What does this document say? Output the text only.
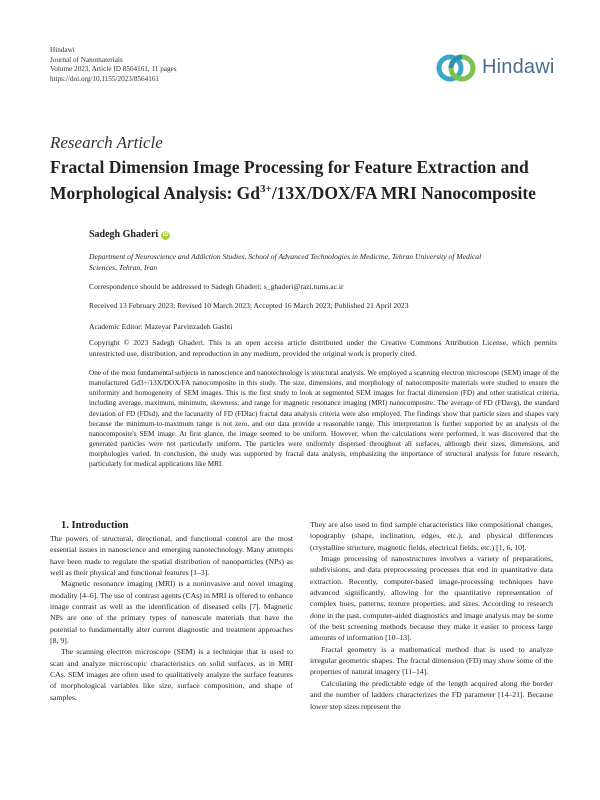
Hindawi
Journal of Nanomaterials
Volume 2023, Article ID 8564161, 11 pages
https://doi.org/10.1155/2023/8564161
Hindawi
Research Article
Fractal Dimension Image Processing for Feature Extraction and Morphological Analysis: $Gd^{3+}/13X/DOX/FA$ MRI Nanocomposite
Sadegh Ghaderi iD
Department of Neuroscience and Addiction Studies, School of Advanced Technologies in Medicine, Tehran University of Medical Sciences, Tehran, Iran
Correspondence should be addressed to Sadegh Ghaderi; s_ghaderi@razi.tums.ac.ir
Received 13 February 2023; Revised 10 March 2023; Accepted 16 March 2023; Published 21 April 2023
Academic Editor: Mazeyar Parvinzadeh Gashti
Copyright © 2023 Sadegh Ghaderi. This is an open access article distributed under the Creative Commons Attribution License, which permits unrestricted use, distribution, and reproduction in any medium, provided the original work is properly cited.
One of the most fundamental subjects in nanoscience and nanotechnology is structural analysis. We employed a scanning electron microscope (SEM) image of the manufactured Gd3+/13X/DOX/FA nanocomposite in this study. The size, dimensions, and morphology of nanocomposite materials were studied to ensure the uniformity and homogeneity of SEM images. This is the first study to look at segmented SEM images for fractal dimension (FD) and other statistical criteria, including average, maximum, minimum, skewness, and range for magnetic resonance imaging (MRI) nanocomposite. The average of FD (FDavg), the standard deviation of FD (FDsd), and the lacunarity of FD (FDlac) fractal data analysis criteria were also employed. The findings show that particle sizes and shapes vary because the minimum-to-maximum range is not zero, and our data provide a reasonable range. This interpretation is further supported by an analysis of the nanocomposite's SEM image. At first glance, the image seemed to be uniform. However, when the calculations were performed, it was discovered that the generated particles were not particularly uniform. The particles were uniformly dispersed throughout all surfaces, although their sizes, dimensions, and morphologies varied. In conclusion, the study was supported by fractal data analysis, emphasizing the importance of structural analysis for future research, particularly for medical applications like MRI.

1. Introduction

The powers of structural, directional, and functional control are the most essential issues in nanoscience and emerging nanotechnology. Many attempts have been made to regulate the spatial distribution of nanoparticles (NPs) as well as their physical and functional features [1–3].

Magnetic resonance imaging (MRI) is a noninvasive and novel imaging modality [4–6]. The use of contrast agents (CAs) in MRI is offered to enhance image contrast as well as the identification of diseased cells [7]. Magnetic NPs are one of the primary types of nanoscale materials that have the potential to fundamentally alter current diagnostic and treatment approaches [8, 9].

The scanning electron microscope (SEM) is a technique that is used to scan and analyze microscopic characteristics on solid surfaces, as in MRI CAs. SEM images are often used to qualitatively analyze the surface features of morphological variables like size, surface composition, and shape of samples.

They are also used to find sample characteristics like compositional changes, topography (shape, inclination, edges, etc.), and physical differences (crystalline structure, magnetic fields, electrical fields, etc.) [1, 6, 10].

Image processing of nanostructures involves a variety of preparations, subdivisions, and data preprocessing processes that end in quantitative data extraction. Recently, computer-based image-processing techniques have advanced significantly, allowing for the quantitative representation of complex hues, patterns, texture properties, and sizes. According to research done in the past, computer-aided diagnostics and image analysis may be some of the best screening methods because they make it easier to process large amounts of information [10–13].

Fractal geometry is a mathematical method that is used to analyze irregular geometric shapes. The fractal dimension (FD) may show some of the properties of natural imagery [11–14].

Calculating the predictable edge of the length acquired along the border and the number of ladders characterizes the FD parameter [14–21]. Because lower step sizes represent the
